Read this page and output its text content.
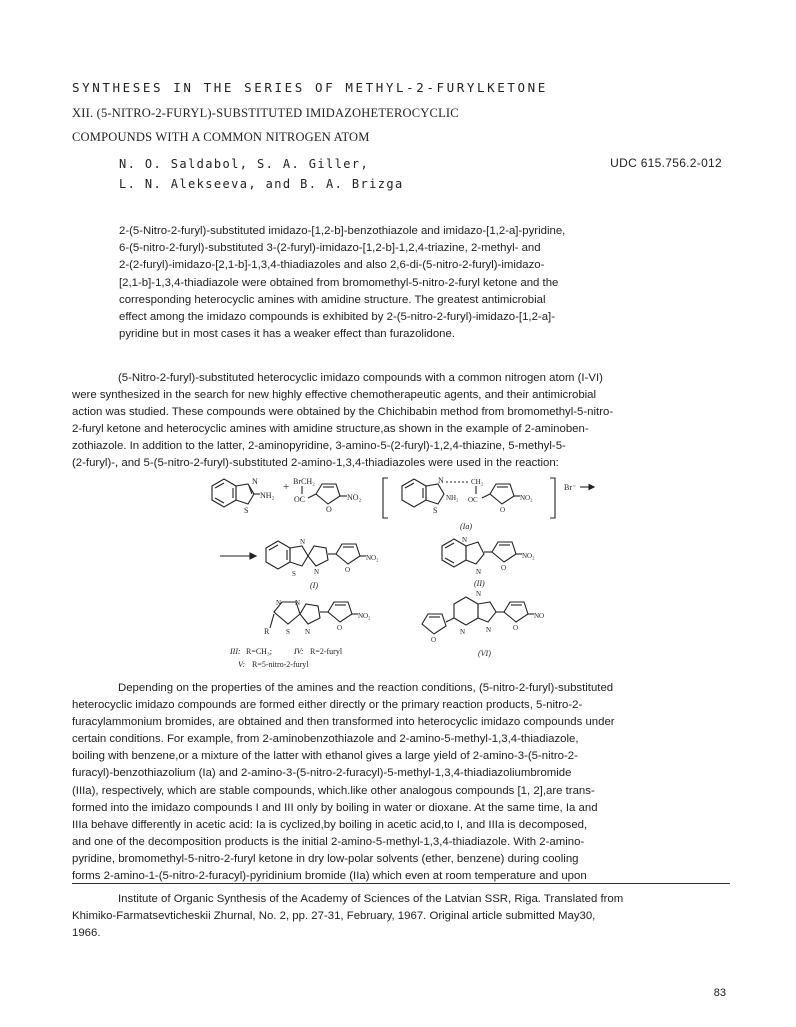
SYNTHESES IN THE SERIES OF METHYL-2-FURYLKETONE
XII. (5-NITRO-2-FURYL)-SUBSTITUTED IMIDAZOHETEROCYCLIC
COMPOUNDS WITH A COMMON NITROGEN ATOM
N. O. Saldabol, S. A. Giller,
L. N. Alekseeva, and B. A. Brizga
UDC 615.756.2-012
2-(5-Nitro-2-furyl)-substituted imidazo-[1,2-b]-benzothiazole and imidazo-[1,2-a]-pyridine,
6-(5-nitro-2-furyl)-substituted 3-(2-furyl)-imidazo-[1,2-b]-1,2,4-triazine, 2-methyl- and
2-(2-furyl)-imidazo-[2,1-b]-1,3,4-thiadiazoles and also 2,6-di-(5-nitro-2-furyl)-imidazo-
[2,1-b]-1,3,4-thiadiazole were obtained from bromomethyl-5-nitro-2-furyl ketone and the
corresponding heterocyclic amines with amidine structure. The greatest antimicrobial
effect among the imidazo compounds is exhibited by 2-(5-nitro-2-furyl)-imidazo-[1,2-a]-
pyridine but in most cases it has a weaker effect than furazolidone.
(5-Nitro-2-furyl)-substituted heterocyclic imidazo compounds with a common nitrogen atom (I-VI)
were synthesized in the search for new highly effective chemotherapeutic agents, and their antimicrobial
action was studied. These compounds were obtained by the Chichibabin method from bromomethyl-5-nitro-
2-furyl ketone and heterocyclic amines with amidine structure,as shown in the example of 2-aminoben-
zothiazole. In addition to the latter, 2-aminopyridine, 3-amino-5-(2-furyl)-1,2,4-thiazine, 5-methyl-5-
(2-furyl)-, and 5-(5-nitro-2-furyl)-substituted 2-amino-1,3,4-thiadiazoles were used in the reaction:
N
S
NH₂
+ BrCH₂
OC
O
NO₂
N
S
NH₂
CH₂
OC
O
NO₂
Br⁻
(Ia)
S
N
N	O
NO₂
(I)
N
N	O
NO₂
(II)
N N
R S N	O
NO₂
O
N
N	N	O
NO
III: R=CH₃;	IV: R=2-furyl
V: R=5-nitro-2-furyl
(VI)
Depending on the properties of the amines and the reaction conditions, (5-nitro-2-furyl)-substituted
heterocyclic imidazo compounds are formed either directly or the primary reaction products, 5-nitro-2-
furacylammonium bromides, are obtained and then transformed into heterocyclic imidazo compounds under
certain conditions. For example, from 2-aminobenzothiazole and 2-amino-5-methyl-1,3,4-thiadiazole,
boiling with benzene,or a mixture of the latter with ethanol gives a large yield of 2-amino-3-(5-nitro-2-
furacyl)-benzothiazolium (Ia) and 2-amino-3-(5-nitro-2-furacyl)-5-methyl-1,3,4-thiadiazoliumbromide
(IIIa), respectively, which are stable compounds, which.like other analogous compounds [1, 2],are trans-
formed into the imidazo compounds I and III only by boiling in water or dioxane. At the same time, Ia and
IIIa behave differently in acetic acid: Ia is cyclized,by boiling in acetic acid,to I, and IIIa is decomposed,
and one of the decomposition products is the initial 2-amino-5-methyl-1,3,4-thiadiazole. With 2-amino-
pyridine, bromomethyl-5-nitro-2-furyl ketone in dry low-polar solvents (ether, benzene) during cooling
forms 2-amino-1-(5-nitro-2-furacyl)-pyridinium bromide (IIa) which even at room temperature and upon
Institute of Organic Synthesis of the Academy of Sciences of the Latvian SSR, Riga. Translated from
Khimiko-Farmatsevticheskii Zhurnal, No. 2, pp. 27-31, February, 1967. Original article submitted May30,
1966.
83
